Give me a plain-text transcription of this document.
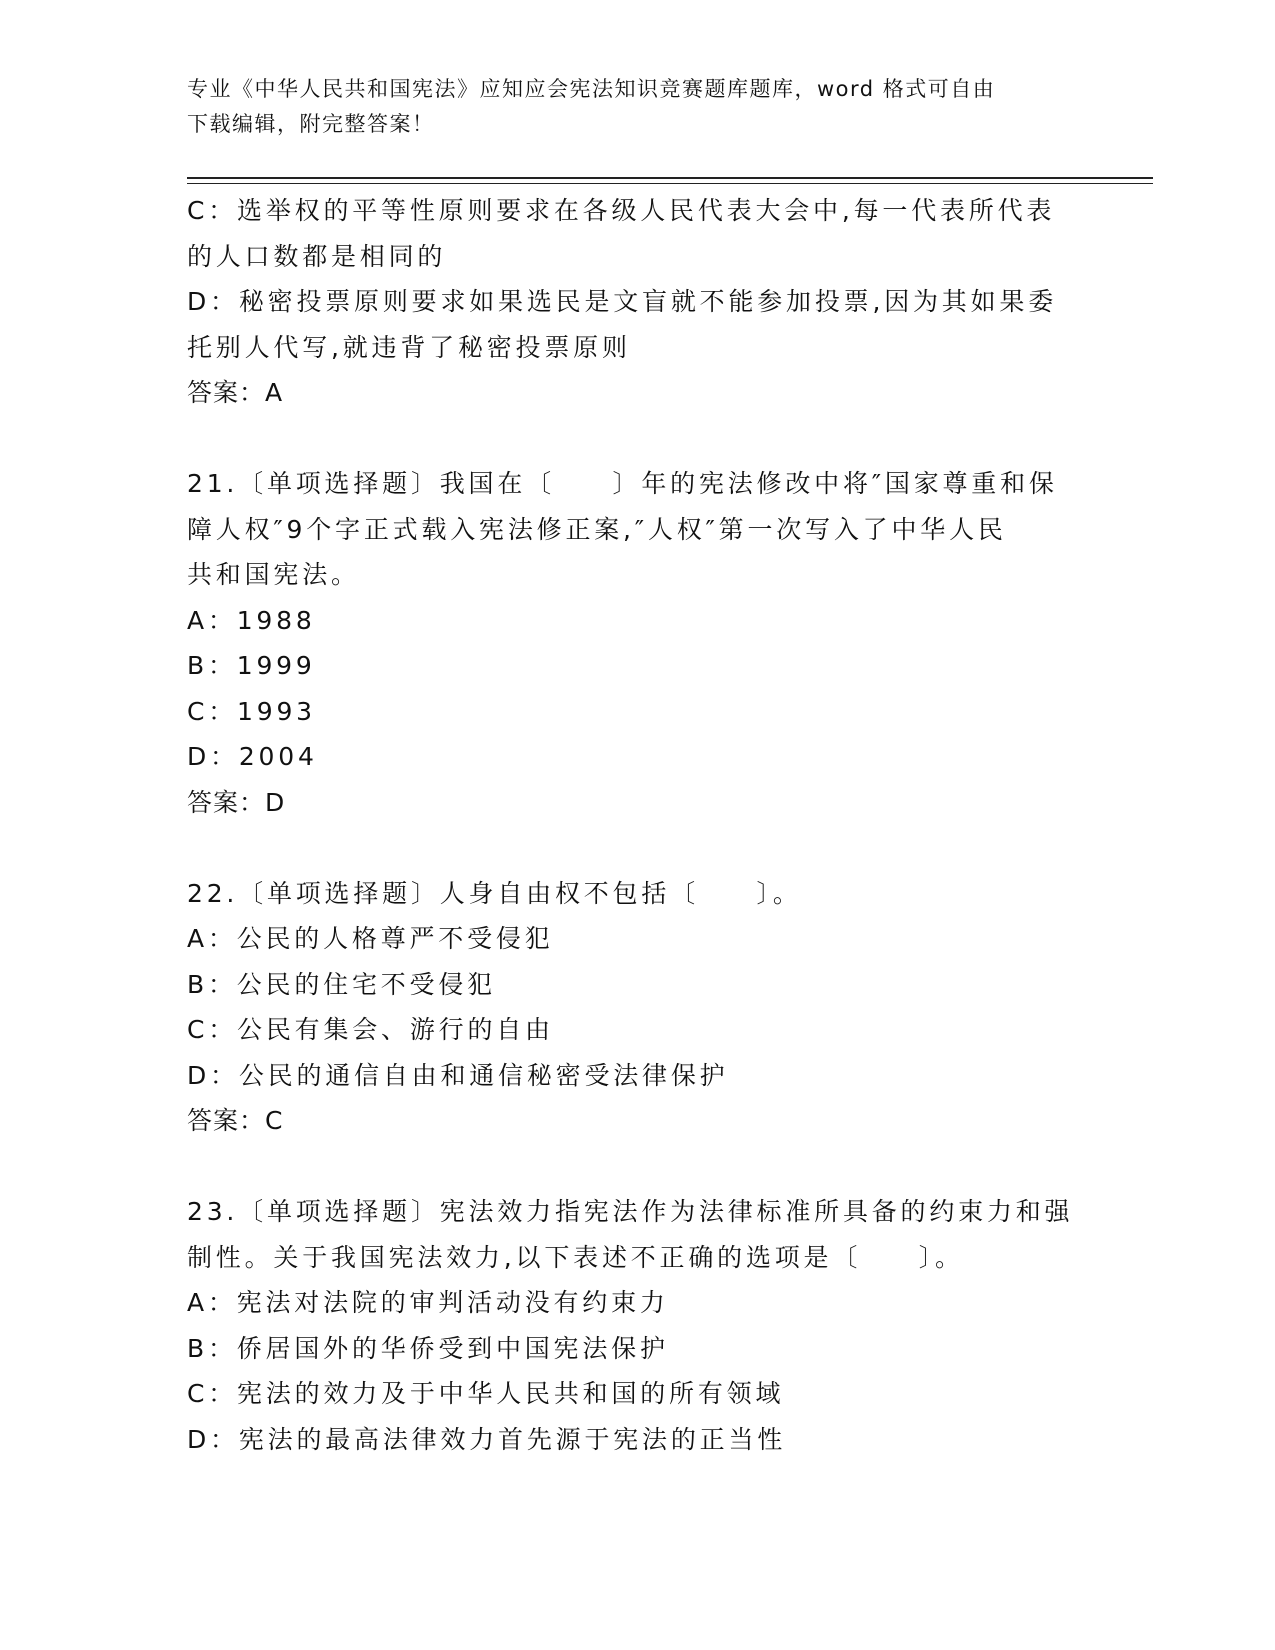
专业《中华人民共和国宪法》应知应会宪法知识竞赛题库题库，word 格式可自由
下载编辑，附完整答案！
C：选举权的平等性原则要求在各级人民代表大会中,每一代表所代表
的人口数都是相同的
D：秘密投票原则要求如果选民是文盲就不能参加投票,因为其如果委
托别人代写,就违背了秘密投票原则
答案：A
21.〔单项选择题〕我国在〔　　〕年的宪法修改中将″国家尊重和保
障人权″9个字正式载入宪法修正案,″人权″第一次写入了中华人民
共和国宪法。
A：1988
B：1999
C：1993
D：2004
答案：D
22.〔单项选择题〕人身自由权不包括〔　　〕。
A：公民的人格尊严不受侵犯
B：公民的住宅不受侵犯
C：公民有集会、游行的自由
D：公民的通信自由和通信秘密受法律保护
答案：C
23.〔单项选择题〕宪法效力指宪法作为法律标准所具备的约束力和强
制性。关于我国宪法效力,以下表述不正确的选项是〔　　〕。
A：宪法对法院的审判活动没有约束力
B：侨居国外的华侨受到中国宪法保护
C：宪法的效力及于中华人民共和国的所有领域
D：宪法的最高法律效力首先源于宪法的正当性
